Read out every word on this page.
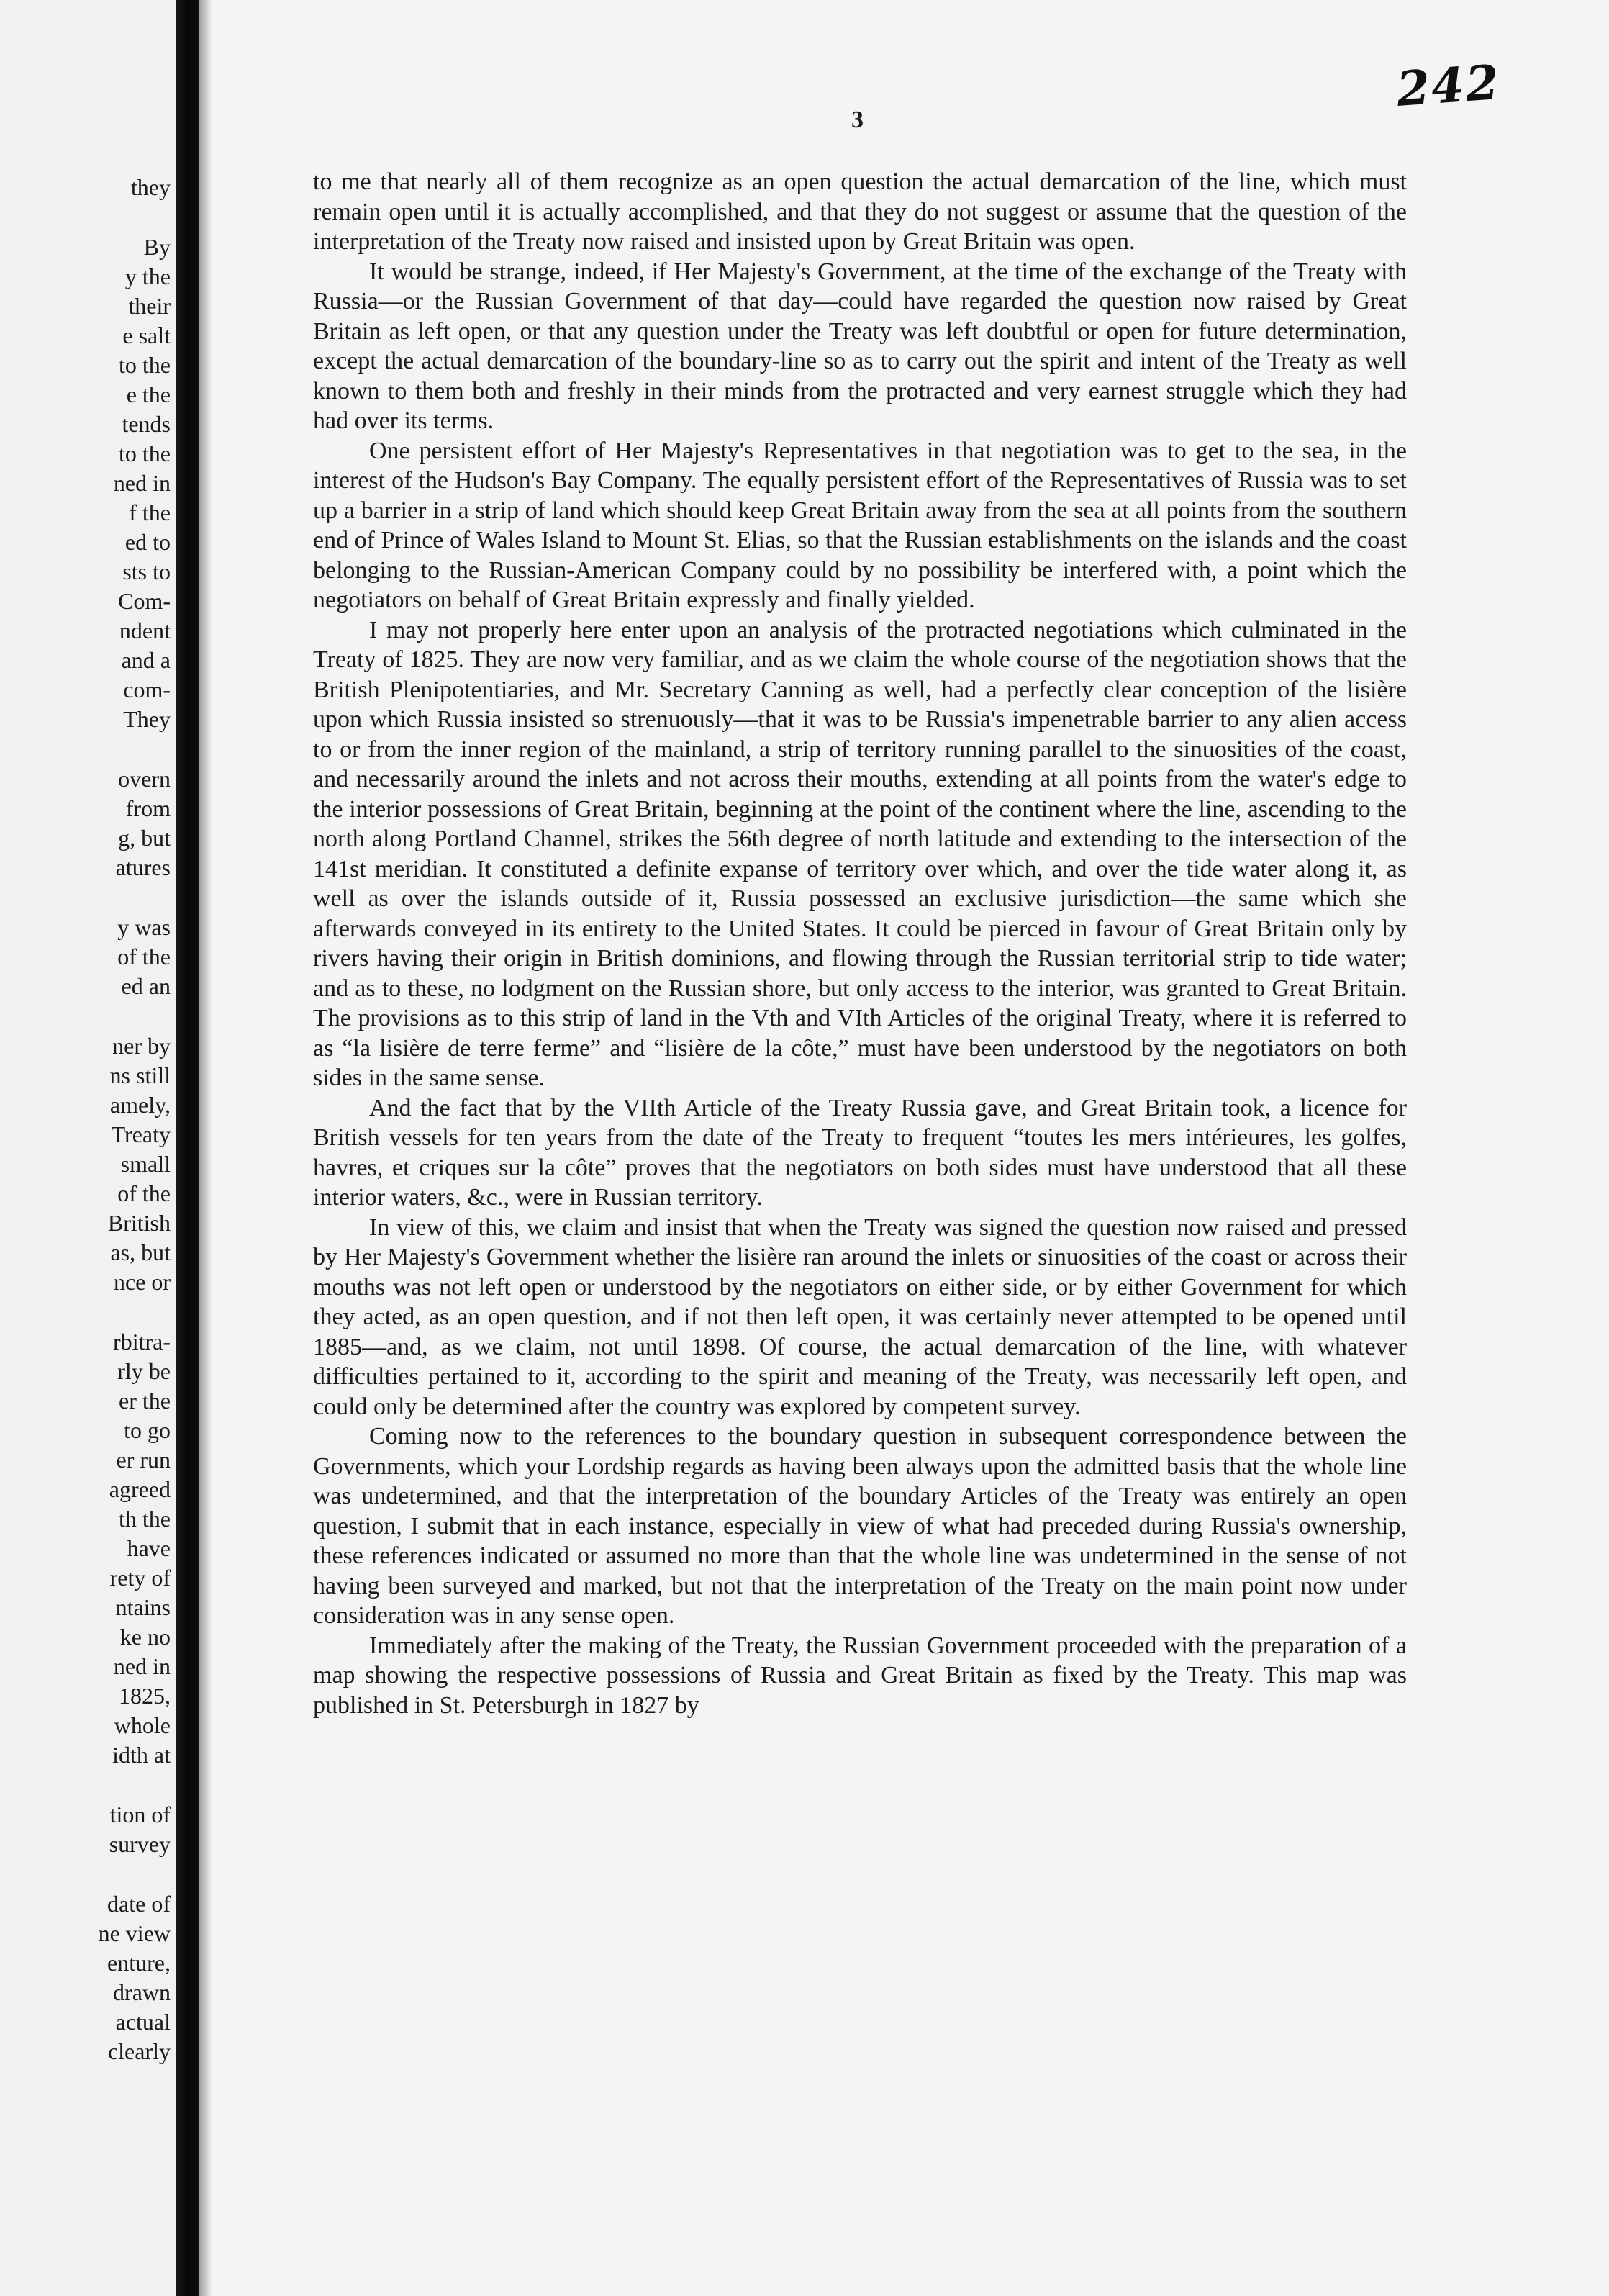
they
By
y the
their
e salt
to the
e the
tends
to the
ned in
f the
ed to
sts to
Com-
ndent
and a
com-
They
overn
from
g, but
atures
y was
of the
ed an
ner by
ns still
amely,
Treaty
small
of the
British
as, but
nce or
rbitra-
rly be
er the
to go
er run
agreed
th the
have
rety of
ntains
ke no
ned in
1825,
whole
idth at
tion of
survey
date of
ne view
enture,
drawn
actual
clearly
242
3

to me that nearly all of them recognize as an open question the actual demarcation of the line, which must remain open until it is actually accomplished, and that they do not suggest or assume that the question of the interpretation of the Treaty now raised and insisted upon by Great Britain was open.

It would be strange, indeed, if Her Majesty's Government, at the time of the exchange of the Treaty with Russia—or the Russian Government of that day—could have regarded the question now raised by Great Britain as left open, or that any question under the Treaty was left doubtful or open for future determination, except the actual demarcation of the boundary-line so as to carry out the spirit and intent of the Treaty as well known to them both and freshly in their minds from the protracted and very earnest struggle which they had had over its terms.

One persistent effort of Her Majesty's Representatives in that negotiation was to get to the sea, in the interest of the Hudson's Bay Company. The equally persistent effort of the Representatives of Russia was to set up a barrier in a strip of land which should keep Great Britain away from the sea at all points from the southern end of Prince of Wales Island to Mount St. Elias, so that the Russian establishments on the islands and the coast belonging to the Russian-American Company could by no possibility be interfered with, a point which the negotiators on behalf of Great Britain expressly and finally yielded.

I may not properly here enter upon an analysis of the protracted negotiations which culminated in the Treaty of 1825. They are now very familiar, and as we claim the whole course of the negotiation shows that the British Plenipotentiaries, and Mr. Secretary Canning as well, had a perfectly clear conception of the lisière upon which Russia insisted so strenuously—that it was to be Russia's impenetrable barrier to any alien access to or from the inner region of the mainland, a strip of territory running parallel to the sinuosities of the coast, and necessarily around the inlets and not across their mouths, extending at all points from the water's edge to the interior possessions of Great Britain, beginning at the point of the continent where the line, ascending to the north along Portland Channel, strikes the 56th degree of north latitude and extending to the intersection of the 141st meridian. It constituted a definite expanse of territory over which, and over the tide water along it, as well as over the islands outside of it, Russia possessed an exclusive jurisdiction—the same which she afterwards conveyed in its entirety to the United States. It could be pierced in favour of Great Britain only by rivers having their origin in British dominions, and flowing through the Russian territorial strip to tide water; and as to these, no lodgment on the Russian shore, but only access to the interior, was granted to Great Britain. The provisions as to this strip of land in the Vth and VIth Articles of the original Treaty, where it is referred to as “la lisière de terre ferme” and “lisière de la côte,” must have been understood by the negotiators on both sides in the same sense.

And the fact that by the VIIth Article of the Treaty Russia gave, and Great Britain took, a licence for British vessels for ten years from the date of the Treaty to frequent “toutes les mers intérieures, les golfes, havres, et criques sur la côte” proves that the negotiators on both sides must have understood that all these interior waters, &c., were in Russian territory.

In view of this, we claim and insist that when the Treaty was signed the question now raised and pressed by Her Majesty's Government whether the lisière ran around the inlets or sinuosities of the coast or across their mouths was not left open or understood by the negotiators on either side, or by either Government for which they acted, as an open question, and if not then left open, it was certainly never attempted to be opened until 1885—and, as we claim, not until 1898. Of course, the actual demarcation of the line, with whatever difficulties pertained to it, according to the spirit and meaning of the Treaty, was necessarily left open, and could only be determined after the country was explored by competent survey.

Coming now to the references to the boundary question in subsequent correspondence between the Governments, which your Lordship regards as having been always upon the admitted basis that the whole line was undetermined, and that the interpretation of the boundary Articles of the Treaty was entirely an open question, I submit that in each instance, especially in view of what had preceded during Russia's ownership, these references indicated or assumed no more than that the whole line was undetermined in the sense of not having been surveyed and marked, but not that the interpretation of the Treaty on the main point now under consideration was in any sense open.

Immediately after the making of the Treaty, the Russian Government proceeded with the preparation of a map showing the respective possessions of Russia and Great Britain as fixed by the Treaty. This map was published in St. Petersburgh in 1827 by
